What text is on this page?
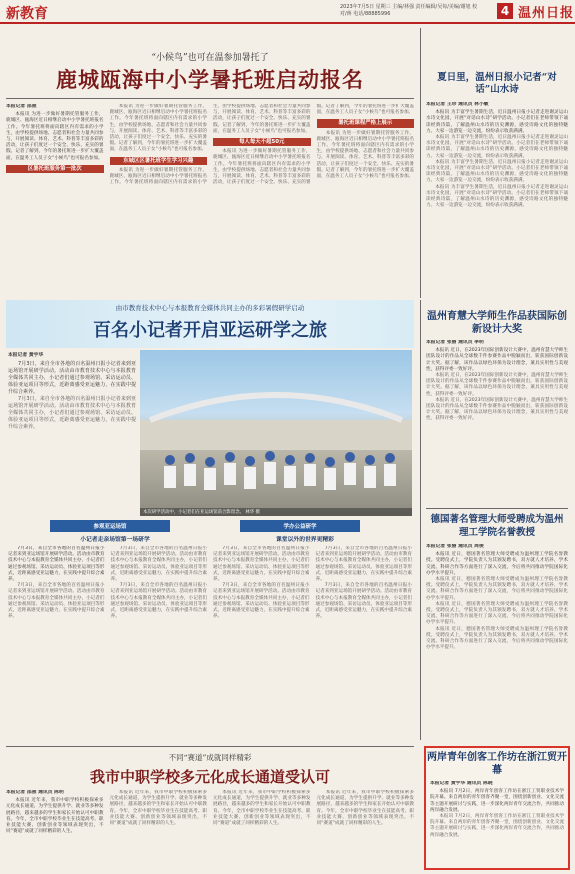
新教育	2023年7月5日 星期三 主编/林强 责任编辑/吴每/美编/谢旭 校对/蒋 电话/88885996	4 温州日报
“小候鸟”也可在温参加暑托了
鹿城瓯海中小学暑托班启动报名
本报记者 邵燕

本报讯 为进一步做好暑期托管服务工作，鹿城区、瓯海区近日相继启动中小学暑托班报名工作。今年暑托班将面向辖区内有需求的小学生，由学校提供场地、志愿者和社会力量共同参与，开展阅读、体育、艺术、科普等丰富多彩的活动，让孩子们度过一个安全、快乐、充实的暑假。记者了解到，今年的暑托班进一步扩大覆盖面，在温务工人员子女“小候鸟”也可报名参加。

区暑托班服务第一批次

本报讯 为进一步做好暑期托管服务工作，鹿城区、瓯海区近日相继启动中小学暑托班报名工作。今年暑托班将面向辖区内有需求的小学生，由学校提供场地、志愿者和社会力量共同参与，开展阅读、体育、艺术、科普等丰富多彩的活动，让孩子们度过一个安全、快乐、充实的暑假。记者了解到，今年的暑托班进一步扩大覆盖面，在温务工人员子女“小候鸟”也可报名参加。

东城区区暑托班学生学习兴趣

本报讯 为进一步做好暑期托管服务工作，鹿城区、瓯海区近日相继启动中小学暑托班报名工作。今年暑托班将面向辖区内有需求的小学生，由学校提供场地、志愿者和社会力量共同参与，开展阅读、体育、艺术、科普等丰富多彩的活动，让孩子们度过一个安全、快乐、充实的暑假。记者了解到，今年的暑托班进一步扩大覆盖面，在温务工人员子女“小候鸟”也可报名参加。

每人每天不超50元

本报讯 为进一步做好暑期托管服务工作，鹿城区、瓯海区近日相继启动中小学暑托班报名工作。今年暑托班将面向辖区内有需求的小学生，由学校提供场地、志愿者和社会力量共同参与，开展阅读、体育、艺术、科普等丰富多彩的活动，让孩子们度过一个安全、快乐、充实的暑假。记者了解到，今年的暑托班进一步扩大覆盖面，在温务工人员子女“小候鸟”也可报名参加。

暑托班课程严格上展示

本报讯 为进一步做好暑期托管服务工作，鹿城区、瓯海区近日相继启动中小学暑托班报名工作。今年暑托班将面向辖区内有需求的小学生，由学校提供场地、志愿者和社会力量共同参与，开展阅读、体育、艺术、科普等丰富多彩的活动，让孩子们度过一个安全、快乐、充实的暑假。记者了解到，今年的暑托班进一步扩大覆盖面，在温务工人员子女“小候鸟”也可报名参加。

夏日里，温州日报小记者“对话”山水诗
本报记者 王珍 通讯员 林小敏

本报讯 为丰富学生暑期生活，近日温州日报小记者走进谢灵运山水诗文化园，开展“对话山水诗”研学活动。小记者们在老师带领下诵读经典诗篇，了解温州山水诗的历史渊源，感受诗路文化的独特魅力。大家一边游览一边交流，纷纷表示收获满满。

本报讯 为丰富学生暑期生活，近日温州日报小记者走进谢灵运山水诗文化园，开展“对话山水诗”研学活动。小记者们在老师带领下诵读经典诗篇，了解温州山水诗的历史渊源，感受诗路文化的独特魅力。大家一边游览一边交流，纷纷表示收获满满。

本报讯 为丰富学生暑期生活，近日温州日报小记者走进谢灵运山水诗文化园，开展“对话山水诗”研学活动。小记者们在老师带领下诵读经典诗篇，了解温州山水诗的历史渊源，感受诗路文化的独特魅力。大家一边游览一边交流，纷纷表示收获满满。

本报讯 为丰富学生暑期生活，近日温州日报小记者走进谢灵运山水诗文化园，开展“对话山水诗”研学活动。小记者们在老师带领下诵读经典诗篇，了解温州山水诗的历史渊源，感受诗路文化的独特魅力。大家一边游览一边交流，纷纷表示收获满满。

由市教育技术中心与本报教育全媒体共同主办的多彩暑假研学启动
百名小记者开启亚运研学之旅
本报记者 黄宇华

7月3日，来自全市各地的百名温州日报小记者来到亚运场馆开展研学活动。活动由市教育技术中心与本报教育全媒体共同主办，小记者们通过参观场馆、采访运动员、体验亚运项目等形式，近距离感受亚运魅力，在实践中提升综合素养。

7月3日，来自全市各地的百名温州日报小记者来到亚运场馆开展研学活动。活动由市教育技术中心与本报教育全媒体共同主办，小记者们通过参观场馆、采访运动员、体验亚运项目等形式，近距离感受亚运魅力，在实践中提升综合素养。

本次研学活动中，小记者们在亚运场馆前合影留念。 林华 摄
参观亚运场馆	学办公益研学
小记者走亲场馆第一场研学	课堂以外的世界更精彩

7月3日，来自全市各地的百名温州日报小记者来到亚运场馆开展研学活动。活动由市教育技术中心与本报教育全媒体共同主办，小记者们通过参观场馆、采访运动员、体验亚运项目等形式，近距离感受亚运魅力，在实践中提升综合素养。

7月3日，来自全市各地的百名温州日报小记者来到亚运场馆开展研学活动。活动由市教育技术中心与本报教育全媒体共同主办，小记者们通过参观场馆、采访运动员、体验亚运项目等形式，近距离感受亚运魅力，在实践中提升综合素养。

7月3日，来自全市各地的百名温州日报小记者来到亚运场馆开展研学活动。活动由市教育技术中心与本报教育全媒体共同主办，小记者们通过参观场馆、采访运动员、体验亚运项目等形式，近距离感受亚运魅力，在实践中提升综合素养。

7月3日，来自全市各地的百名温州日报小记者来到亚运场馆开展研学活动。活动由市教育技术中心与本报教育全媒体共同主办，小记者们通过参观场馆、采访运动员、体验亚运项目等形式，近距离感受亚运魅力，在实践中提升综合素养。

7月3日，来自全市各地的百名温州日报小记者来到亚运场馆开展研学活动。活动由市教育技术中心与本报教育全媒体共同主办，小记者们通过参观场馆、采访运动员、体验亚运项目等形式，近距离感受亚运魅力，在实践中提升综合素养。

7月3日，来自全市各地的百名温州日报小记者来到亚运场馆开展研学活动。活动由市教育技术中心与本报教育全媒体共同主办，小记者们通过参观场馆、采访运动员、体验亚运项目等形式，近距离感受亚运魅力，在实践中提升综合素养。

7月3日，来自全市各地的百名温州日报小记者来到亚运场馆开展研学活动。活动由市教育技术中心与本报教育全媒体共同主办，小记者们通过参观场馆、采访运动员、体验亚运项目等形式，近距离感受亚运魅力，在实践中提升综合素养。

7月3日，来自全市各地的百名温州日报小记者来到亚运场馆开展研学活动。活动由市教育技术中心与本报教育全媒体共同主办，小记者们通过参观场馆、采访运动员、体验亚运项目等形式，近距离感受亚运魅力，在实践中提升综合素养。

温州育慧大学师生作品获国际创新设计大奖
本报记者 张丽 通讯员 李明

本报讯 近日，在2023年国际创新设计大赛中，温州育慧大学师生团队设计的作品从全球数千件参赛作品中脱颖而出，斩获国际创新设计大奖。据了解，该作品以绿色环保为设计理念，兼具实用性与美观性，获得评委一致好评。

本报讯 近日，在2023年国际创新设计大赛中，温州育慧大学师生团队设计的作品从全球数千件参赛作品中脱颖而出，斩获国际创新设计大奖。据了解，该作品以绿色环保为设计理念，兼具实用性与美观性，获得评委一致好评。

本报讯 近日，在2023年国际创新设计大赛中，温州育慧大学师生团队设计的作品从全球数千件参赛作品中脱颖而出，斩获国际创新设计大奖。据了解，该作品以绿色环保为设计理念，兼具实用性与美观性，获得评委一致好评。

德国著名管理大师受聘成为温州理工学院名誉教授
本报记者 张丽 通讯员 周俊

本报讯 近日，德国著名管理大师受聘成为温州理工学院名誉教授。受聘仪式上，学院负责人为其颁发聘书，双方就人才培养、学术交流、科研合作等方面进行了深入交流，今后将共同推动学院国际化办学水平提升。

本报讯 近日，德国著名管理大师受聘成为温州理工学院名誉教授。受聘仪式上，学院负责人为其颁发聘书，双方就人才培养、学术交流、科研合作等方面进行了深入交流，今后将共同推动学院国际化办学水平提升。

本报讯 近日，德国著名管理大师受聘成为温州理工学院名誉教授。受聘仪式上，学院负责人为其颁发聘书，双方就人才培养、学术交流、科研合作等方面进行了深入交流，今后将共同推动学院国际化办学水平提升。

本报讯 近日，德国著名管理大师受聘成为温州理工学院名誉教授。受聘仪式上，学院负责人为其颁发聘书，双方就人才培养、学术交流、科研合作等方面进行了深入交流，今后将共同推动学院国际化办学水平提升。

不同“赛道”成就同样精彩
我市中职学校多元化成长通道受认可
本报记者 邵燕 通讯员 陈明

本报讯 近年来，我市中职学校积极探索多元化成长通道，为学生提供升学、就业等多种发展路径，越来越多的学生和家长开始认可中职教育。今年，全市中职学校毕业生在技能高考、职业技能大赛、创新创业等领域表现突出，不同“赛道”成就了同样精彩的人生。

本报讯 近年来，我市中职学校积极探索多元化成长通道，为学生提供升学、就业等多种发展路径，越来越多的学生和家长开始认可中职教育。今年，全市中职学校毕业生在技能高考、职业技能大赛、创新创业等领域表现突出，不同“赛道”成就了同样精彩的人生。

本报讯 近年来，我市中职学校积极探索多元化成长通道，为学生提供升学、就业等多种发展路径，越来越多的学生和家长开始认可中职教育。今年，全市中职学校毕业生在技能高考、职业技能大赛、创新创业等领域表现突出，不同“赛道”成就了同样精彩的人生。

本报讯 近年来，我市中职学校积极探索多元化成长通道，为学生提供升学、就业等多种发展路径，越来越多的学生和家长开始认可中职教育。今年，全市中职学校毕业生在技能高考、职业技能大赛、创新创业等领域表现突出，不同“赛道”成就了同样精彩的人生。

两岸青年创客工作坊在浙江贸开幕
本报记者 黄宇华 通讯员 陈晓

本报讯 7月2日，两岸青年创客工作坊在浙江工贸职业技术学院开幕。来自两岸的青年创客齐聚一堂，围绕创新创业、文化交流等主题开展研讨与实践，进一步深化两岸青年交流合作，共同推动两岸融合发展。

本报讯 7月2日，两岸青年创客工作坊在浙江工贸职业技术学院开幕。来自两岸的青年创客齐聚一堂，围绕创新创业、文化交流等主题开展研讨与实践，进一步深化两岸青年交流合作，共同推动两岸融合发展。
